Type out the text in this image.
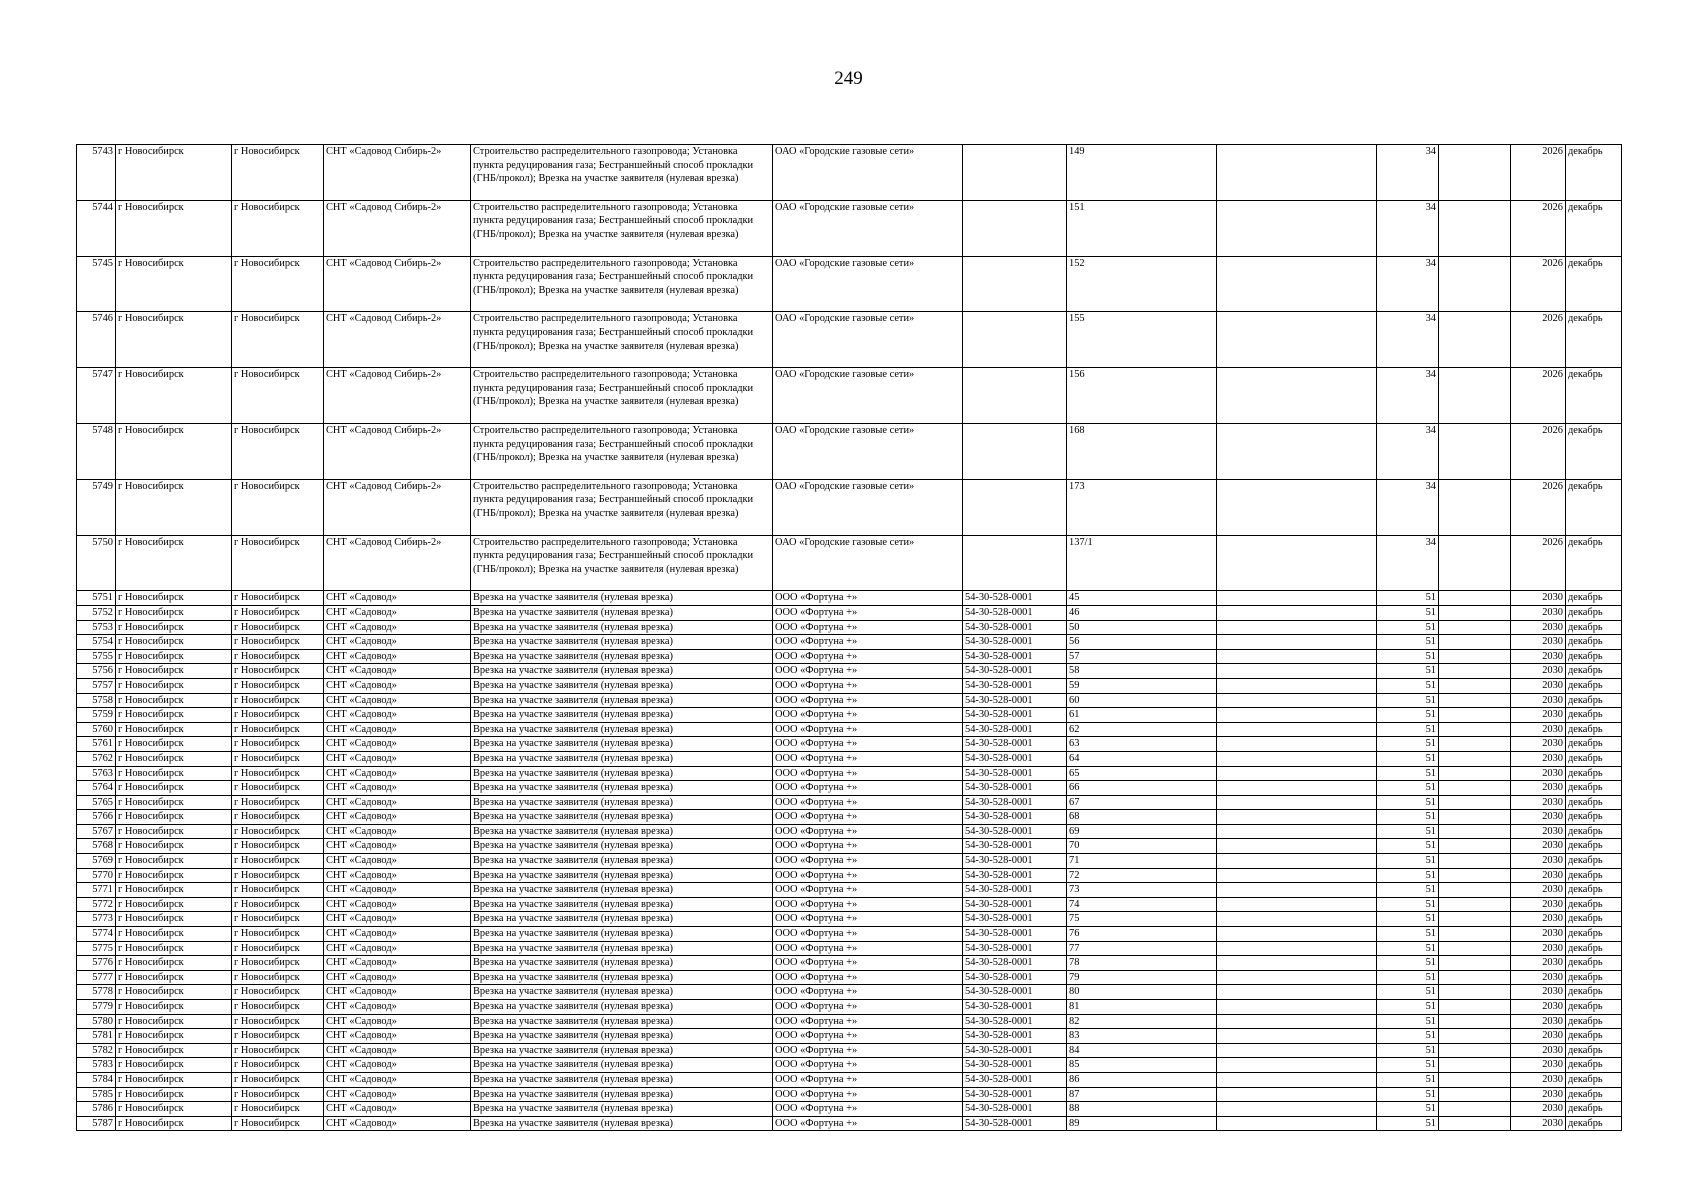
249
5743	г Новосибирск	г Новосибирск	СНТ «Садовод Сибирь-2»	Строительство распределительного газопровода; Установка пункта редуцирования газа; Бестраншейный способ прокладки (ГНБ/прокол); Врезка на участке заявителя (нулевая врезка)	ОАО «Городские газовые сети»		149		34		2026	декабрь
5744	г Новосибирск	г Новосибирск	СНТ «Садовод Сибирь-2»	Строительство распределительного газопровода; Установка пункта редуцирования газа; Бестраншейный способ прокладки (ГНБ/прокол); Врезка на участке заявителя (нулевая врезка)	ОАО «Городские газовые сети»		151		34		2026	декабрь
5745	г Новосибирск	г Новосибирск	СНТ «Садовод Сибирь-2»	Строительство распределительного газопровода; Установка пункта редуцирования газа; Бестраншейный способ прокладки (ГНБ/прокол); Врезка на участке заявителя (нулевая врезка)	ОАО «Городские газовые сети»		152		34		2026	декабрь
5746	г Новосибирск	г Новосибирск	СНТ «Садовод Сибирь-2»	Строительство распределительного газопровода; Установка пункта редуцирования газа; Бестраншейный способ прокладки (ГНБ/прокол); Врезка на участке заявителя (нулевая врезка)	ОАО «Городские газовые сети»		155		34		2026	декабрь
5747	г Новосибирск	г Новосибирск	СНТ «Садовод Сибирь-2»	Строительство распределительного газопровода; Установка пункта редуцирования газа; Бестраншейный способ прокладки (ГНБ/прокол); Врезка на участке заявителя (нулевая врезка)	ОАО «Городские газовые сети»		156		34		2026	декабрь
5748	г Новосибирск	г Новосибирск	СНТ «Садовод Сибирь-2»	Строительство распределительного газопровода; Установка пункта редуцирования газа; Бестраншейный способ прокладки (ГНБ/прокол); Врезка на участке заявителя (нулевая врезка)	ОАО «Городские газовые сети»		168		34		2026	декабрь
5749	г Новосибирск	г Новосибирск	СНТ «Садовод Сибирь-2»	Строительство распределительного газопровода; Установка пункта редуцирования газа; Бестраншейный способ прокладки (ГНБ/прокол); Врезка на участке заявителя (нулевая врезка)	ОАО «Городские газовые сети»		173		34		2026	декабрь
5750	г Новосибирск	г Новосибирск	СНТ «Садовод Сибирь-2»	Строительство распределительного газопровода; Установка пункта редуцирования газа; Бестраншейный способ прокладки (ГНБ/прокол); Врезка на участке заявителя (нулевая врезка)	ОАО «Городские газовые сети»		137/1		34		2026	декабрь
5751	г Новосибирск	г Новосибирск	СНТ «Садовод»	Врезка на участке заявителя (нулевая врезка)	ООО «Фортуна +»	54-30-528-0001	45		51		2030	декабрь
5752	г Новосибирск	г Новосибирск	СНТ «Садовод»	Врезка на участке заявителя (нулевая врезка)	ООО «Фортуна +»	54-30-528-0001	46		51		2030	декабрь
5753	г Новосибирск	г Новосибирск	СНТ «Садовод»	Врезка на участке заявителя (нулевая врезка)	ООО «Фортуна +»	54-30-528-0001	50		51		2030	декабрь
5754	г Новосибирск	г Новосибирск	СНТ «Садовод»	Врезка на участке заявителя (нулевая врезка)	ООО «Фортуна +»	54-30-528-0001	56		51		2030	декабрь
5755	г Новосибирск	г Новосибирск	СНТ «Садовод»	Врезка на участке заявителя (нулевая врезка)	ООО «Фортуна +»	54-30-528-0001	57		51		2030	декабрь
5756	г Новосибирск	г Новосибирск	СНТ «Садовод»	Врезка на участке заявителя (нулевая врезка)	ООО «Фортуна +»	54-30-528-0001	58		51		2030	декабрь
5757	г Новосибирск	г Новосибирск	СНТ «Садовод»	Врезка на участке заявителя (нулевая врезка)	ООО «Фортуна +»	54-30-528-0001	59		51		2030	декабрь
5758	г Новосибирск	г Новосибирск	СНТ «Садовод»	Врезка на участке заявителя (нулевая врезка)	ООО «Фортуна +»	54-30-528-0001	60		51		2030	декабрь
5759	г Новосибирск	г Новосибирск	СНТ «Садовод»	Врезка на участке заявителя (нулевая врезка)	ООО «Фортуна +»	54-30-528-0001	61		51		2030	декабрь
5760	г Новосибирск	г Новосибирск	СНТ «Садовод»	Врезка на участке заявителя (нулевая врезка)	ООО «Фортуна +»	54-30-528-0001	62		51		2030	декабрь
5761	г Новосибирск	г Новосибирск	СНТ «Садовод»	Врезка на участке заявителя (нулевая врезка)	ООО «Фортуна +»	54-30-528-0001	63		51		2030	декабрь
5762	г Новосибирск	г Новосибирск	СНТ «Садовод»	Врезка на участке заявителя (нулевая врезка)	ООО «Фортуна +»	54-30-528-0001	64		51		2030	декабрь
5763	г Новосибирск	г Новосибирск	СНТ «Садовод»	Врезка на участке заявителя (нулевая врезка)	ООО «Фортуна +»	54-30-528-0001	65		51		2030	декабрь
5764	г Новосибирск	г Новосибирск	СНТ «Садовод»	Врезка на участке заявителя (нулевая врезка)	ООО «Фортуна +»	54-30-528-0001	66		51		2030	декабрь
5765	г Новосибирск	г Новосибирск	СНТ «Садовод»	Врезка на участке заявителя (нулевая врезка)	ООО «Фортуна +»	54-30-528-0001	67		51		2030	декабрь
5766	г Новосибирск	г Новосибирск	СНТ «Садовод»	Врезка на участке заявителя (нулевая врезка)	ООО «Фортуна +»	54-30-528-0001	68		51		2030	декабрь
5767	г Новосибирск	г Новосибирск	СНТ «Садовод»	Врезка на участке заявителя (нулевая врезка)	ООО «Фортуна +»	54-30-528-0001	69		51		2030	декабрь
5768	г Новосибирск	г Новосибирск	СНТ «Садовод»	Врезка на участке заявителя (нулевая врезка)	ООО «Фортуна +»	54-30-528-0001	70		51		2030	декабрь
5769	г Новосибирск	г Новосибирск	СНТ «Садовод»	Врезка на участке заявителя (нулевая врезка)	ООО «Фортуна +»	54-30-528-0001	71		51		2030	декабрь
5770	г Новосибирск	г Новосибирск	СНТ «Садовод»	Врезка на участке заявителя (нулевая врезка)	ООО «Фортуна +»	54-30-528-0001	72		51		2030	декабрь
5771	г Новосибирск	г Новосибирск	СНТ «Садовод»	Врезка на участке заявителя (нулевая врезка)	ООО «Фортуна +»	54-30-528-0001	73		51		2030	декабрь
5772	г Новосибирск	г Новосибирск	СНТ «Садовод»	Врезка на участке заявителя (нулевая врезка)	ООО «Фортуна +»	54-30-528-0001	74		51		2030	декабрь
5773	г Новосибирск	г Новосибирск	СНТ «Садовод»	Врезка на участке заявителя (нулевая врезка)	ООО «Фортуна +»	54-30-528-0001	75		51		2030	декабрь
5774	г Новосибирск	г Новосибирск	СНТ «Садовод»	Врезка на участке заявителя (нулевая врезка)	ООО «Фортуна +»	54-30-528-0001	76		51		2030	декабрь
5775	г Новосибирск	г Новосибирск	СНТ «Садовод»	Врезка на участке заявителя (нулевая врезка)	ООО «Фортуна +»	54-30-528-0001	77		51		2030	декабрь
5776	г Новосибирск	г Новосибирск	СНТ «Садовод»	Врезка на участке заявителя (нулевая врезка)	ООО «Фортуна +»	54-30-528-0001	78		51		2030	декабрь
5777	г Новосибирск	г Новосибирск	СНТ «Садовод»	Врезка на участке заявителя (нулевая врезка)	ООО «Фортуна +»	54-30-528-0001	79		51		2030	декабрь
5778	г Новосибирск	г Новосибирск	СНТ «Садовод»	Врезка на участке заявителя (нулевая врезка)	ООО «Фортуна +»	54-30-528-0001	80		51		2030	декабрь
5779	г Новосибирск	г Новосибирск	СНТ «Садовод»	Врезка на участке заявителя (нулевая врезка)	ООО «Фортуна +»	54-30-528-0001	81		51		2030	декабрь
5780	г Новосибирск	г Новосибирск	СНТ «Садовод»	Врезка на участке заявителя (нулевая врезка)	ООО «Фортуна +»	54-30-528-0001	82		51		2030	декабрь
5781	г Новосибирск	г Новосибирск	СНТ «Садовод»	Врезка на участке заявителя (нулевая врезка)	ООО «Фортуна +»	54-30-528-0001	83		51		2030	декабрь
5782	г Новосибирск	г Новосибирск	СНТ «Садовод»	Врезка на участке заявителя (нулевая врезка)	ООО «Фортуна +»	54-30-528-0001	84		51		2030	декабрь
5783	г Новосибирск	г Новосибирск	СНТ «Садовод»	Врезка на участке заявителя (нулевая врезка)	ООО «Фортуна +»	54-30-528-0001	85		51		2030	декабрь
5784	г Новосибирск	г Новосибирск	СНТ «Садовод»	Врезка на участке заявителя (нулевая врезка)	ООО «Фортуна +»	54-30-528-0001	86		51		2030	декабрь
5785	г Новосибирск	г Новосибирск	СНТ «Садовод»	Врезка на участке заявителя (нулевая врезка)	ООО «Фортуна +»	54-30-528-0001	87		51		2030	декабрь
5786	г Новосибирск	г Новосибирск	СНТ «Садовод»	Врезка на участке заявителя (нулевая врезка)	ООО «Фортуна +»	54-30-528-0001	88		51		2030	декабрь
5787	г Новосибирск	г Новосибирск	СНТ «Садовод»	Врезка на участке заявителя (нулевая врезка)	ООО «Фортуна +»	54-30-528-0001	89		51		2030	декабрь
